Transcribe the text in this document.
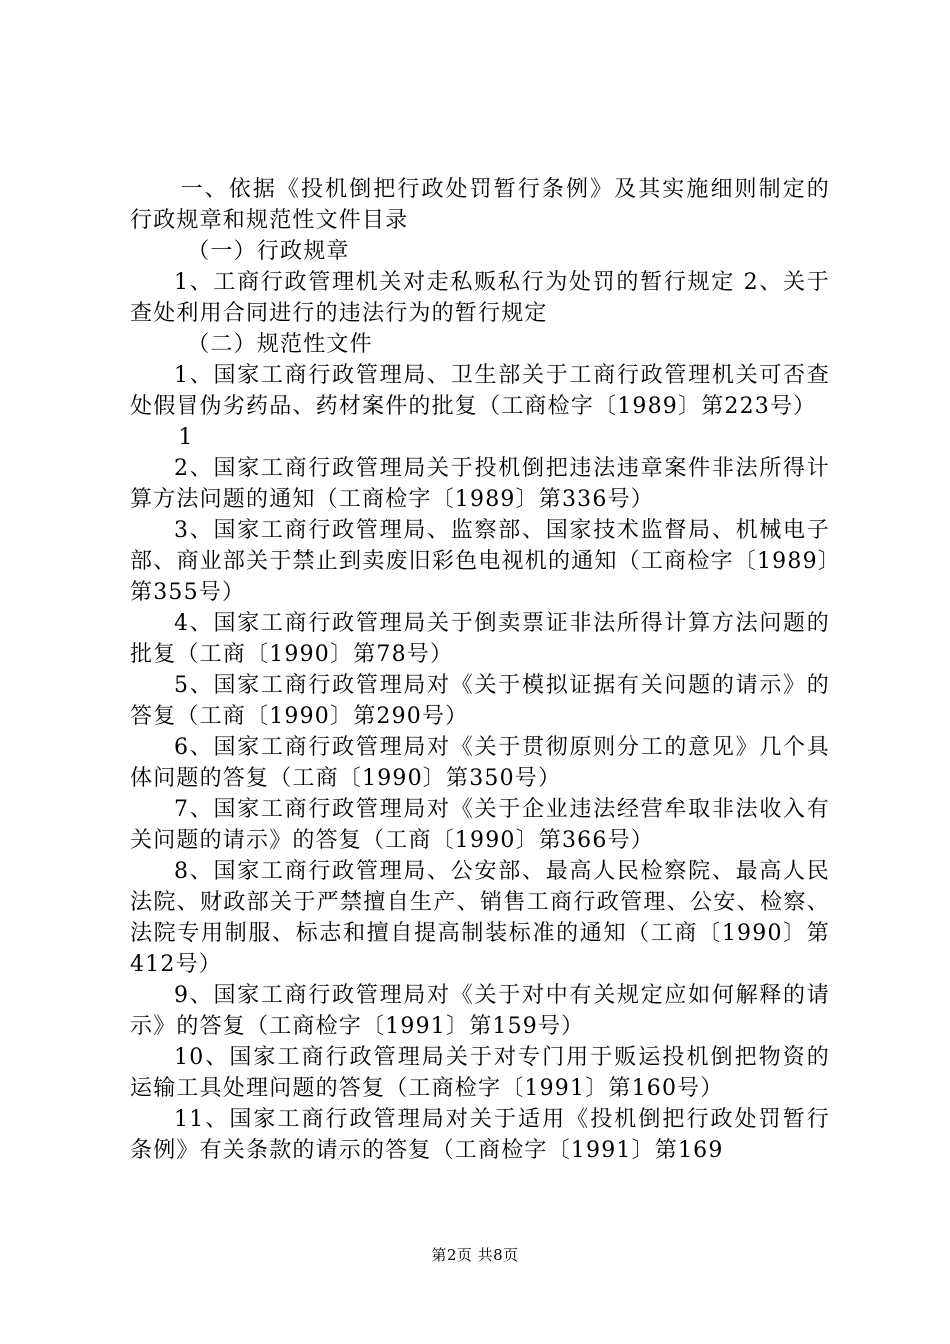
一、依据《投机倒把行政处罚暂行条例》及其实施细则制定的行政规章和规范性文件目录

（一）行政规章

1、工商行政管理机关对走私贩私行为处罚的暂行规定 2、关于查处利用合同进行的违法行为的暂行规定

（二）规范性文件

1、国家工商行政管理局、卫生部关于工商行政管理机关可否查处假冒伪劣药品、药材案件的批复（工商检字〔1989〕第223号）

1

2、国家工商行政管理局关于投机倒把违法违章案件非法所得计算方法问题的通知（工商检字〔1989〕第336号）

3、国家工商行政管理局、监察部、国家技术监督局、机械电子部、商业部关于禁止到卖废旧彩色电视机的通知（工商检字〔1989〕第355号）

4、国家工商行政管理局关于倒卖票证非法所得计算方法问题的批复（工商〔1990〕第78号）

5、国家工商行政管理局对《关于模拟证据有关问题的请示》的答复（工商〔1990〕第290号）

6、国家工商行政管理局对《关于贯彻原则分工的意见》几个具体问题的答复（工商〔1990〕第350号）

7、国家工商行政管理局对《关于企业违法经营牟取非法收入有关问题的请示》的答复（工商〔1990〕第366号）

8、国家工商行政管理局、公安部、最高人民检察院、最高人民法院、财政部关于严禁擅自生产、销售工商行政管理、公安、检察、法院专用制服、标志和擅自提高制装标准的通知（工商〔1990〕第412号）

9、国家工商行政管理局对《关于对中有关规定应如何解释的请示》的答复（工商检字〔1991〕第159号）

10、国家工商行政管理局关于对专门用于贩运投机倒把物资的运输工具处理问题的答复（工商检字〔1991〕第160号）

11、国家工商行政管理局对关于适用《投机倒把行政处罚暂行条例》有关条款的请示的答复（工商检字〔1991〕第169

第2页 共8页
